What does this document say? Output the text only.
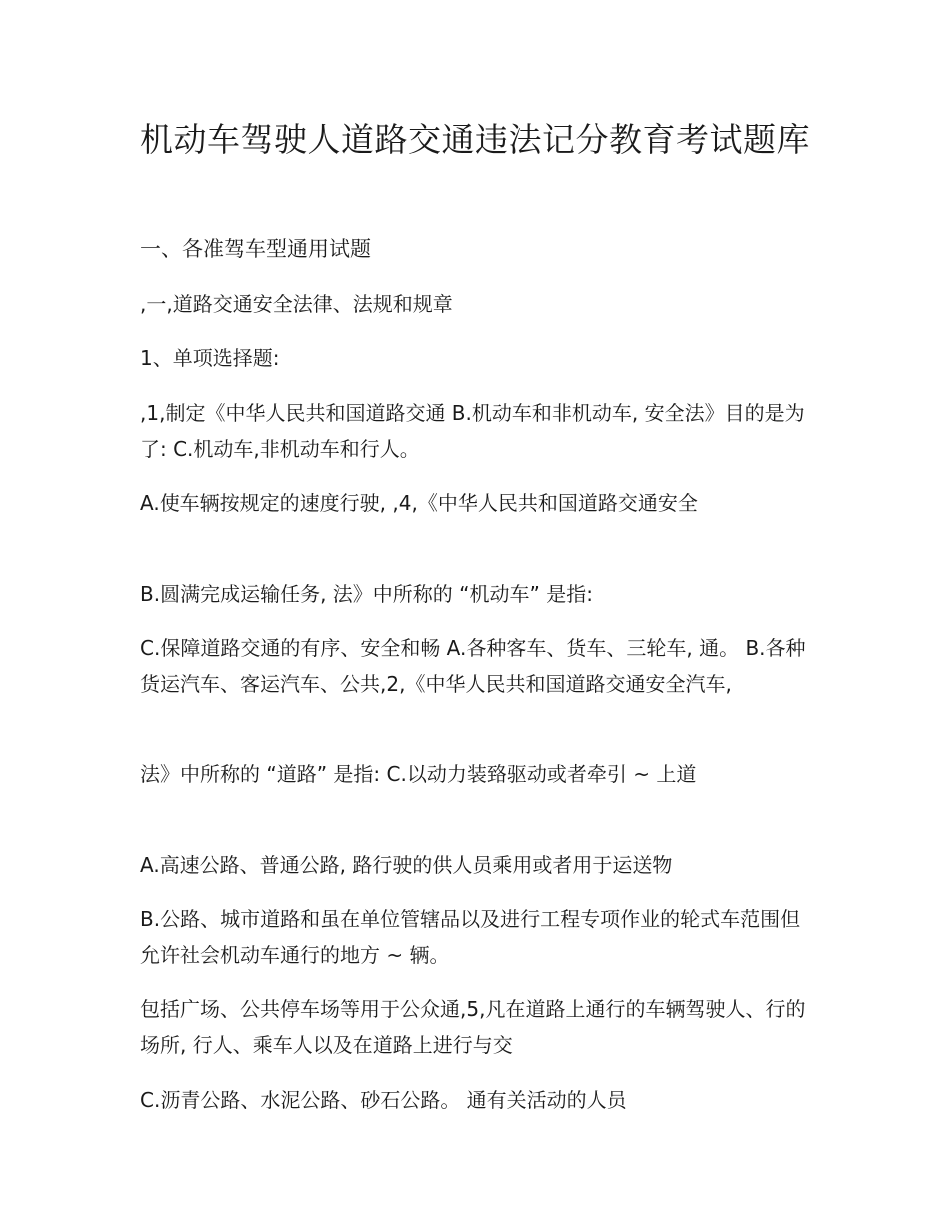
机动车驾驶人道路交通违法记分教育考试题库
一、各准驾车型通用试题

,一,道路交通安全法律、法规和规章

1、单项选择题:

,1,制定《中华人民共和国道路交通 B.机动车和非机动车, 安全法》目的是为了: C.机动车,非机动车和行人。

A.使车辆按规定的速度行驶, ,4,《中华人民共和国道路交通安全

B.圆满完成运输任务, 法》中所称的 “机动车” 是指:

C.保障道路交通的有序、安全和畅 A.各种客车、货车、三轮车, 通。 B.各种货运汽车、客运汽车、公共,2,《中华人民共和国道路交通安全汽车,

法》中所称的 “道路” 是指: C.以动力装臵驱动或者牵引 ~ 上道

A.高速公路、普通公路, 路行驶的供人员乘用或者用于运送物

B.公路、城市道路和虽在单位管辖品以及进行工程专项作业的轮式车范围但允许社会机动车通行的地方 ~ 辆。

包括广场、公共停车场等用于公众通,5,凡在道路上通行的车辆驾驶人、行的场所, 行人、乘车人以及在道路上进行与交

C.沥青公路、水泥公路、砂石公路。 通有关活动的人员
